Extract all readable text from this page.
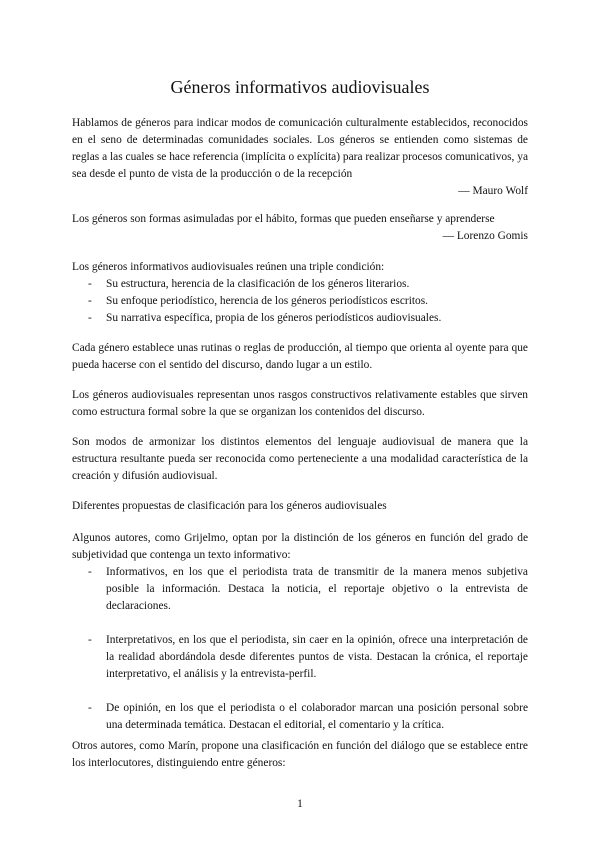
Géneros informativos audiovisuales

Hablamos de géneros para indicar modos de comunicación culturalmente establecidos, reconocidos en el seno de determinadas comunidades sociales. Los géneros se entienden como sistemas de reglas a las cuales se hace referencia (implícita o explícita) para realizar procesos comunicativos, ya sea desde el punto de vista de la producción o de la recepción

— Mauro Wolf

Los géneros son formas asimuladas por el hábito, formas que pueden enseñarse y aprenderse

— Lorenzo Gomis

Los géneros informativos audiovisuales reúnen una triple condición:

- Su estructura, herencia de la clasificación de los géneros literarios.
- Su enfoque periodístico, herencia de los géneros periodísticos escritos.
- Su narrativa específica, propia de los géneros periodísticos audiovisuales.

Cada género establece unas rutinas o reglas de producción, al tiempo que orienta al oyente para que pueda hacerse con el sentido del discurso, dando lugar a un estilo.

Los géneros audiovisuales representan unos rasgos constructivos relativamente estables que sirven como estructura formal sobre la que se organizan los contenidos del discurso.

Son modos de armonizar los distintos elementos del lenguaje audiovisual de manera que la estructura resultante pueda ser reconocida como perteneciente a una modalidad característica de la creación y difusión audiovisual.

Diferentes propuestas de clasificación para los géneros audiovisuales

Algunos autores, como Grijelmo, optan por la distinción de los géneros en función del grado de subjetividad que contenga un texto informativo:

- Informativos, en los que el periodista trata de transmitir de la manera menos subjetiva posible la información. Destaca la noticia, el reportaje objetivo o la entrevista de declaraciones.
- Interpretativos, en los que el periodista, sin caer en la opinión, ofrece una interpretación de la realidad abordándola desde diferentes puntos de vista. Destacan la crónica, el reportaje interpretativo, el análisis y la entrevista-perfil.
- De opinión, en los que el periodista o el colaborador marcan una posición personal sobre una determinada temática. Destacan el editorial, el comentario y la crítica.

Otros autores, como Marín, propone una clasificación en función del diálogo que se establece entre los interlocutores, distinguiendo entre géneros:

1
